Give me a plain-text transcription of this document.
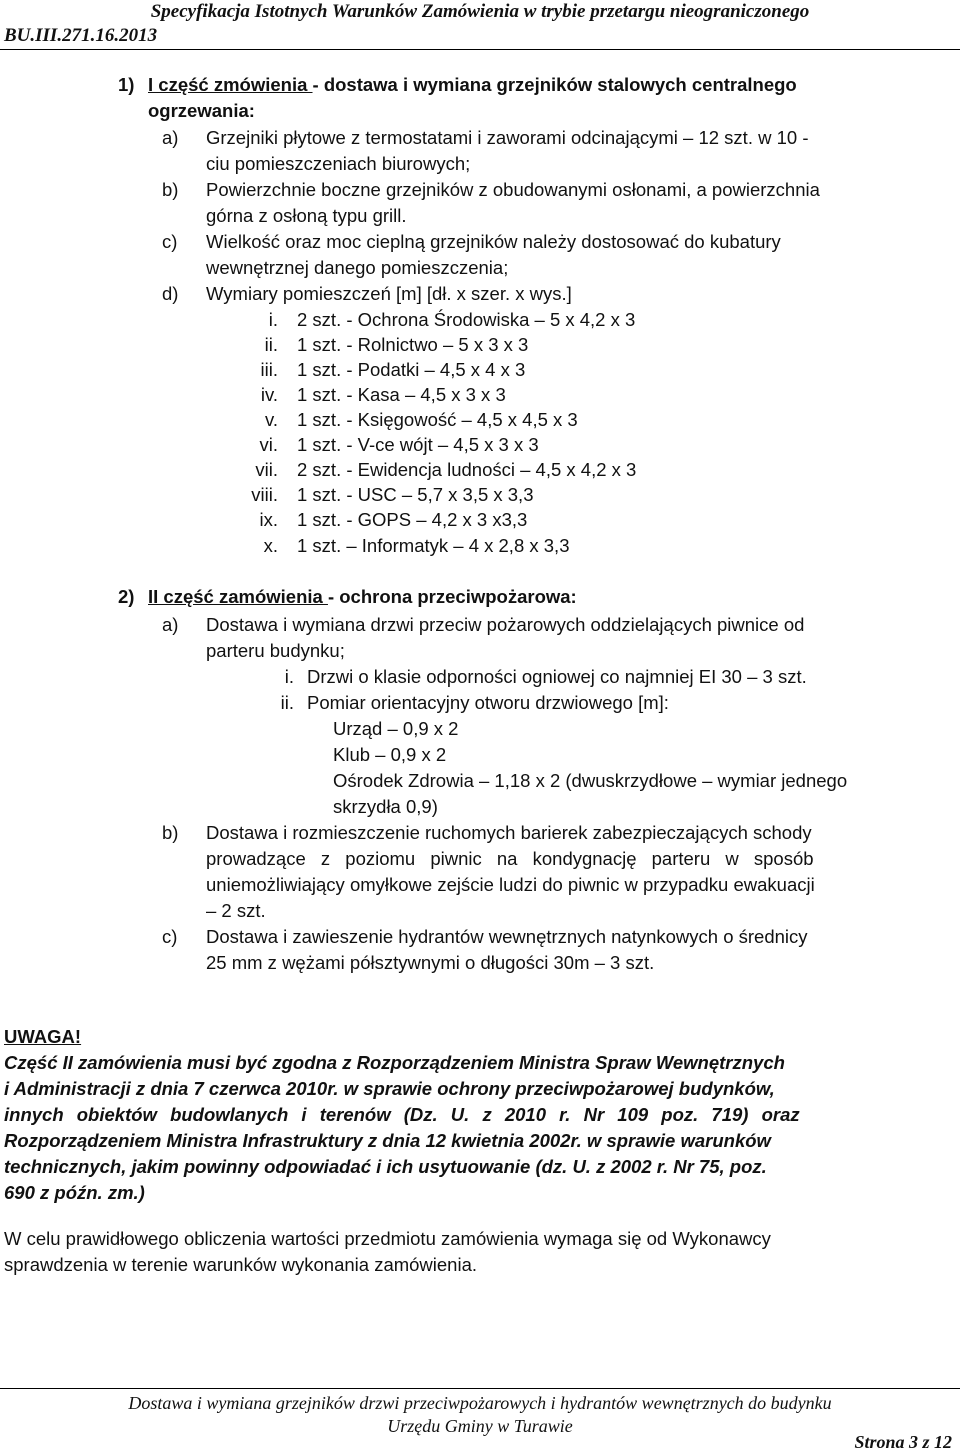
Specyfikacja Istotnych Warunków Zamówienia w trybie przetargu nieograniczonego
BU.III.271.16.2013
1) I część zmówienia - dostawa i wymiana grzejników stalowych centralnego
ogrzewania:
a) Grzejniki płytowe z termostatami i zaworami odcinającymi – 12 szt. w 10 -
ciu pomieszczeniach biurowych;
b) Powierzchnie boczne grzejników z obudowanymi osłonami, a powierzchnia
górna z osłoną typu grill.
c) Wielkość oraz moc cieplną grzejników należy dostosować do kubatury
wewnętrznej danego pomieszczenia;
d) Wymiary pomieszczeń [m] [dł. x szer. x wys.]
i. 2 szt. - Ochrona Środowiska – 5 x 4,2 x 3
ii. 1 szt. - Rolnictwo – 5 x 3 x 3
iii. 1 szt. - Podatki – 4,5 x 4 x 3
iv. 1 szt. - Kasa – 4,5 x 3 x 3
v. 1 szt. - Księgowość – 4,5 x 4,5 x 3
vi. 1 szt. - V-ce wójt – 4,5 x 3 x 3
vii. 2 szt. - Ewidencja ludności – 4,5 x 4,2 x 3
viii. 1 szt. - USC – 5,7 x 3,5 x 3,3
ix. 1 szt. - GOPS – 4,2 x 3 x3,3
x. 1 szt. – Informatyk – 4 x 2,8 x 3,3
2) II część zamówienia - ochrona przeciwpożarowa:
a) Dostawa i wymiana drzwi przeciw pożarowych oddzielających piwnice od
parteru budynku;
i. Drzwi o klasie odporności ogniowej co najmniej EI 30 – 3 szt.
ii. Pomiar orientacyjny otworu drzwiowego [m]:
Urząd – 0,9 x 2
Klub – 0,9 x 2
Ośrodek Zdrowia – 1,18 x 2 (dwuskrzydłowe – wymiar jednego
skrzydła 0,9)
b) Dostawa i rozmieszczenie ruchomych barierek zabezpieczających schody
prowadzące z poziomu piwnic na kondygnację parteru w sposób
uniemożliwiający omyłkowe zejście ludzi do piwnic w przypadku ewakuacji
– 2 szt.
c) Dostawa i zawieszenie hydrantów wewnętrznych natynkowych o średnicy
25 mm z wężami półsztywnymi o długości 30m – 3 szt.
UWAGA!
Część II zamówienia musi być zgodna z Rozporządzeniem Ministra Spraw Wewnętrznych
i Administracji z dnia 7 czerwca 2010r. w sprawie ochrony przeciwpożarowej budynków,
innych obiektów budowlanych i terenów (Dz. U. z 2010 r. Nr 109 poz. 719) oraz
Rozporządzeniem Ministra Infrastruktury z dnia 12 kwietnia 2002r. w sprawie warunków
technicznych, jakim powinny odpowiadać i ich usytuowanie (dz. U. z 2002 r. Nr 75, poz.
690 z późn. zm.)
W celu prawidłowego obliczenia wartości przedmiotu zamówienia wymaga się od Wykonawcy
sprawdzenia w terenie warunków wykonania zamówienia.
Dostawa i wymiana grzejników drzwi przeciwpożarowych i hydrantów wewnętrznych do budynku
Urzędu Gminy w Turawie
Strona 3 z 12
